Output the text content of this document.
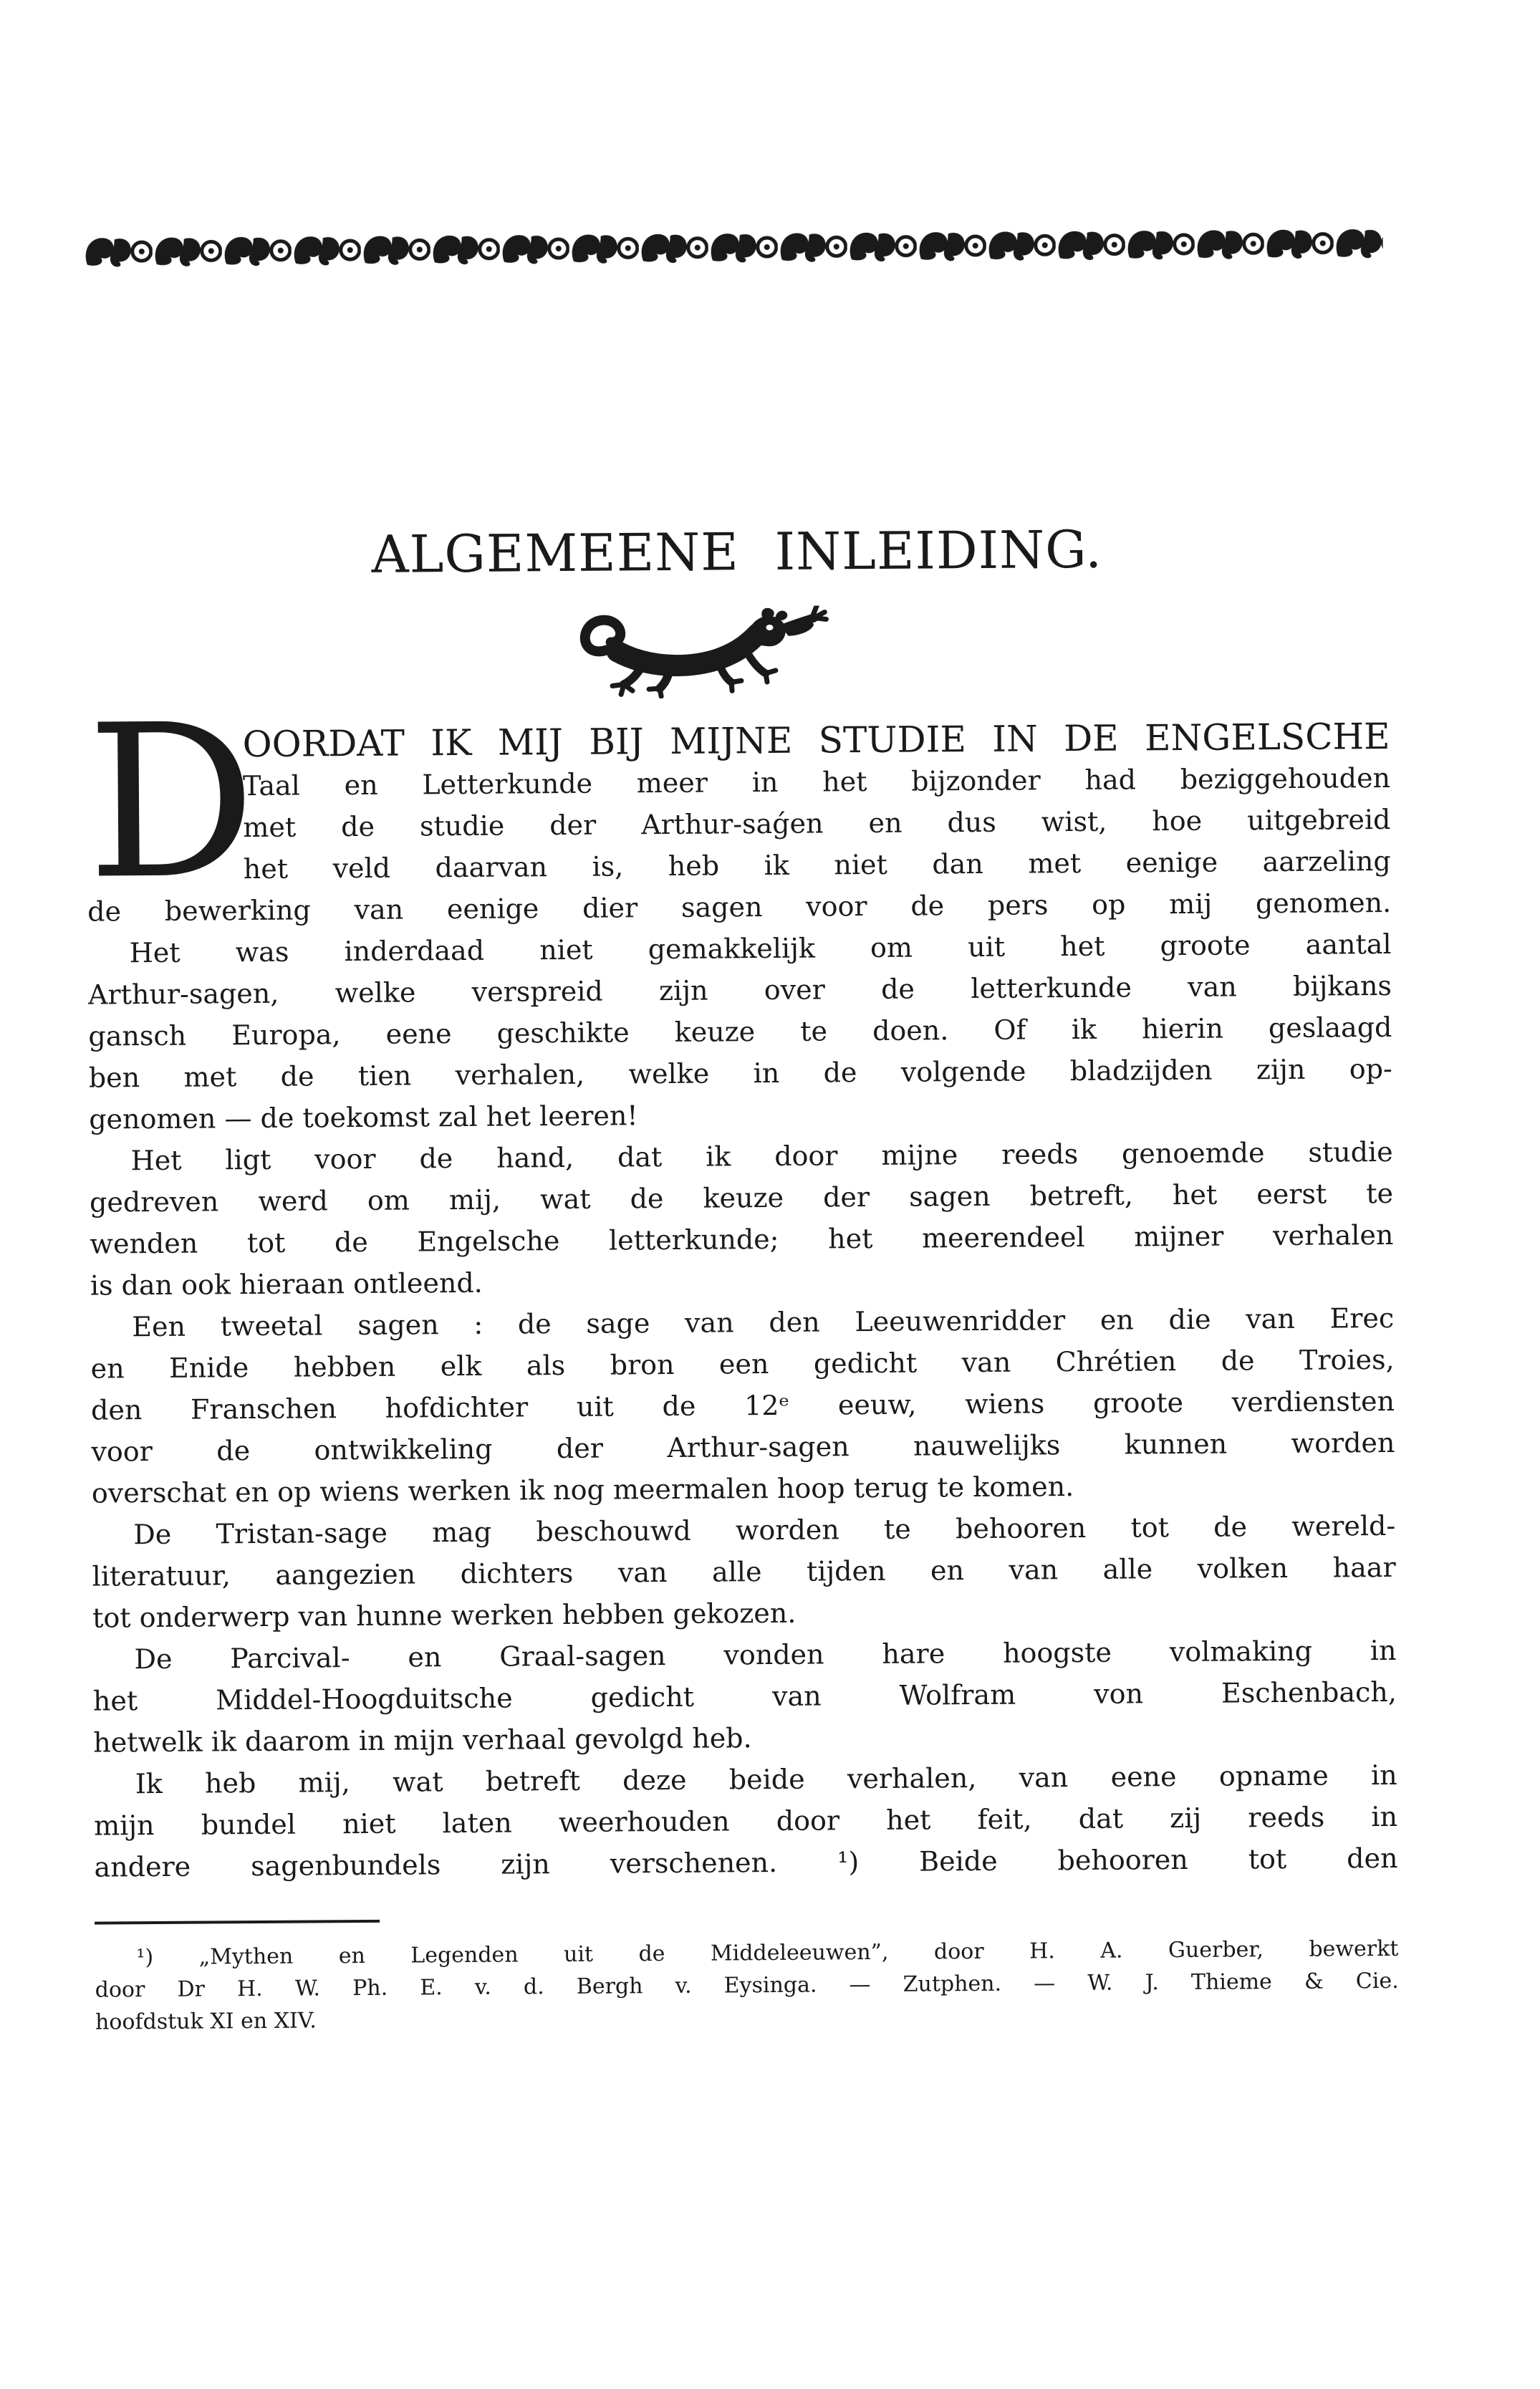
ALGEMEENE INLEIDING.
D
OORDAT IK MIJ BIJ MIJNE STUDIE IN DE ENGELSCHE
Taal en Letterkunde meer in het bijzonder had beziggehouden
met de studie der Arthur-saǵen en dus wist, hoe uitgebreid
het veld daarvan is, heb ik niet dan met eenige aarzeling
de bewerking van eenige dier sagen voor de pers op mij genomen.
Het was inderdaad niet gemakkelijk om uit het groote aantal
Arthur-sagen, welke verspreid zijn over de letterkunde van bijkans
gansch Europa, eene geschikte keuze te doen. Of ik hierin geslaagd
ben met de tien verhalen, welke in de volgende bladzijden zijn op-
genomen — de toekomst zal het leeren!
Het ligt voor de hand, dat ik door mijne reeds genoemde studie
gedreven werd om mij, wat de keuze der sagen betreft, het eerst te
wenden tot de Engelsche letterkunde; het meerendeel mijner verhalen
is dan ook hieraan ontleend.
Een tweetal sagen : de sage van den Leeuwenridder en die van Erec
en Enide hebben elk als bron een gedicht van Chrétien de Troies,
den Franschen hofdichter uit de 12ᵉ eeuw, wiens groote verdiensten
voor de ontwikkeling der Arthur-sagen nauwelijks kunnen worden
overschat en op wiens werken ik nog meermalen hoop terug te komen.
De Tristan-sage mag beschouwd worden te behooren tot de wereld-
literatuur, aangezien dichters van alle tijden en van alle volken haar
tot onderwerp van hunne werken hebben gekozen.
De Parcival- en Graal-sagen vonden hare hoogste volmaking in
het Middel-Hoogduitsche gedicht van Wolfram von Eschenbach,
hetwelk ik daarom in mijn verhaal gevolgd heb.
Ik heb mij, wat betreft deze beide verhalen, van eene opname in
mijn bundel niet laten weerhouden door het feit, dat zij reeds in
andere sagenbundels zijn verschenen. ¹) Beide behooren tot den
¹) „Mythen en Legenden uit de Middeleeuwen”, door H. A. Guerber, bewerkt
door Dr H. W. Ph. E. v. d. Bergh v. Eysinga. — Zutphen. — W. J. Thieme & Cie.
hoofdstuk XI en XIV.
